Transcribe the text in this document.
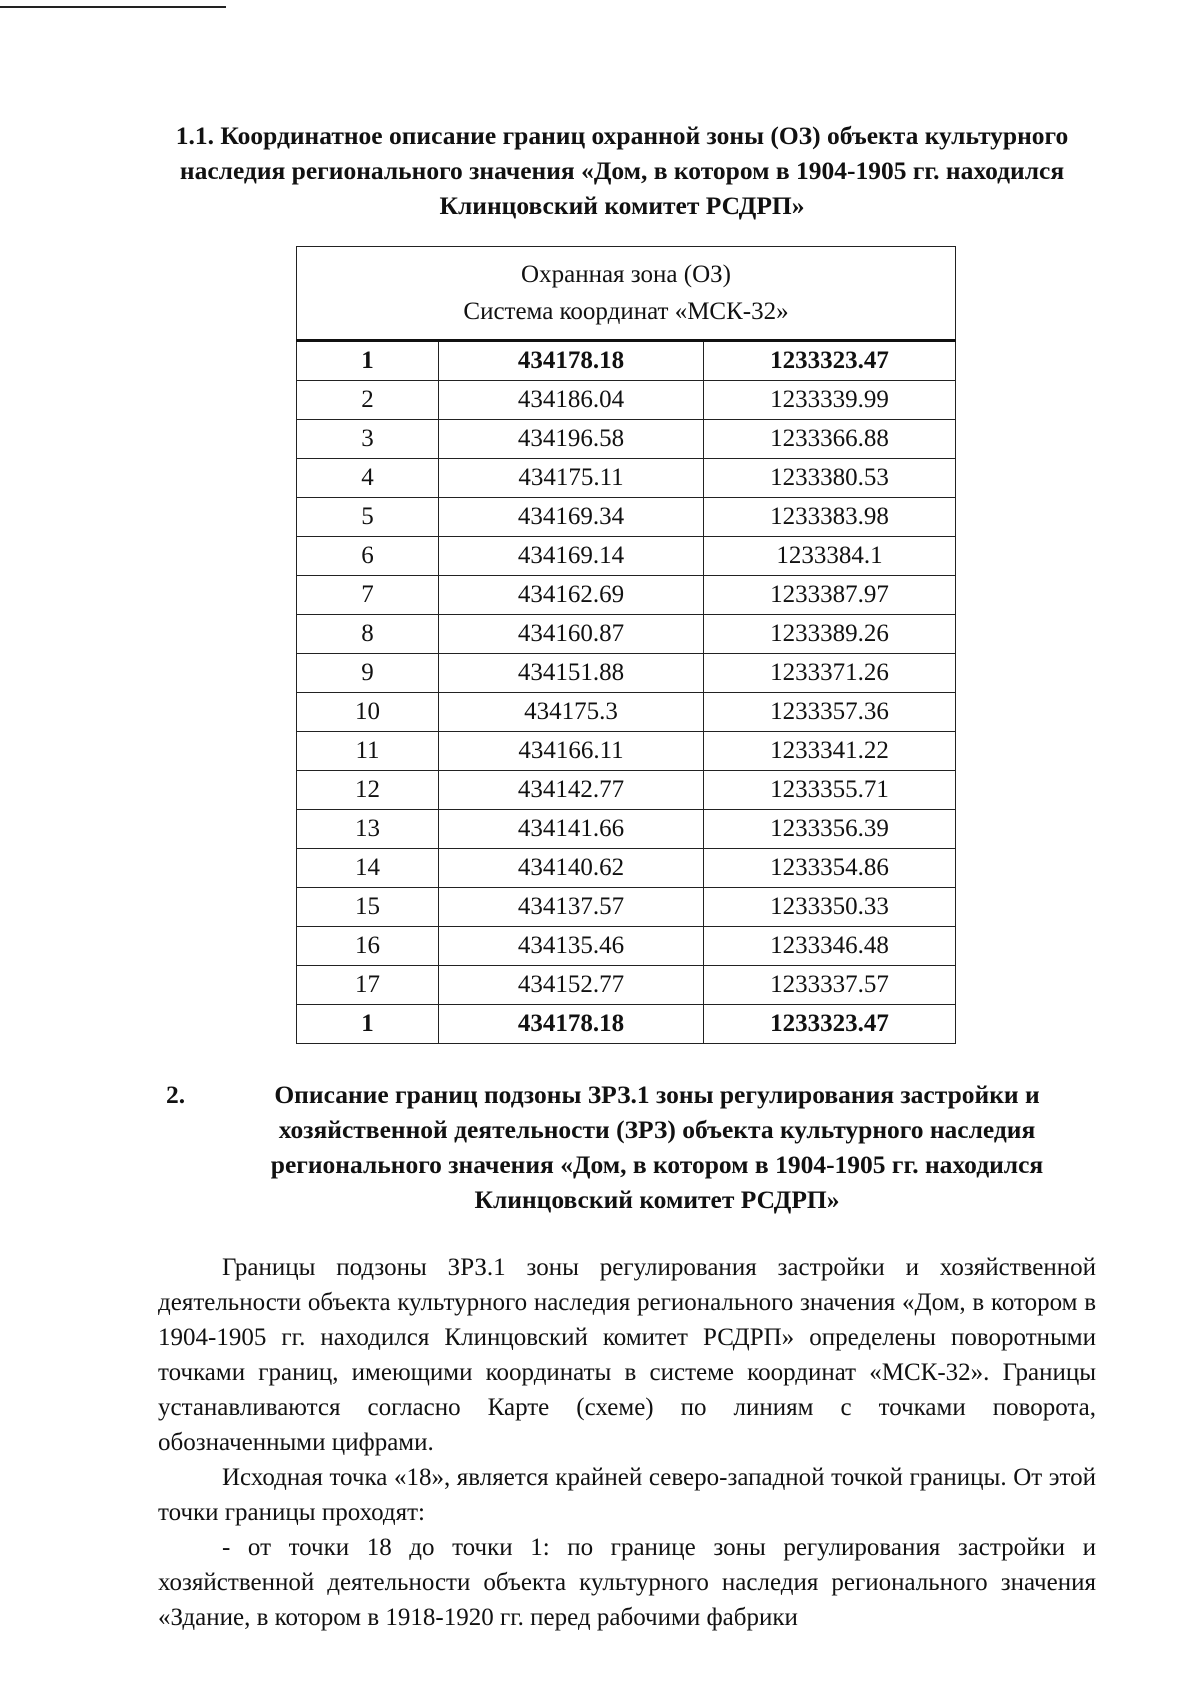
1.1. Координатное описание границ охранной зоны (ОЗ) объекта культурного наследия регионального значения «Дом, в котором в 1904-1905 гг. находился Клинцовский комитет РСДРП»
Охранная зона (ОЗ)
Система координат «МСК-32»		

1	434178.18	1233323.47
2	434186.04	1233339.99
3	434196.58	1233366.88
4	434175.11	1233380.53
5	434169.34	1233383.98
6	434169.14	1233384.1
7	434162.69	1233387.97
8	434160.87	1233389.26
9	434151.88	1233371.26
10	434175.3	1233357.36
11	434166.11	1233341.22
12	434142.77	1233355.71
13	434141.66	1233356.39
14	434140.62	1233354.86
15	434137.57	1233350.33
16	434135.46	1233346.48
17	434152.77	1233337.57
1	434178.18	1233323.47
2.	Описание границ подзоны ЗРЗ.1 зоны регулирования застройки и хозяйственной деятельности (ЗРЗ) объекта культурного наследия регионального значения «Дом, в котором в 1904-1905 гг. находился Клинцовский комитет РСДРП»

Границы подзоны ЗРЗ.1 зоны регулирования застройки и хозяйственной деятельности объекта культурного наследия регионального значения «Дом, в котором в 1904-1905 гг. находился Клинцовский комитет РСДРП» определены поворотными точками границ, имеющими координаты в системе координат «МСК-32». Границы устанавливаются согласно Карте (схеме) по линиям с точками поворота, обозначенными цифрами.

Исходная точка «18», является крайней северо-западной точкой границы. От этой точки границы проходят:

- от точки 18 до точки 1: по границе зоны регулирования застройки и хозяйственной деятельности объекта культурного наследия регионального значения «Здание, в котором в 1918-1920 гг. перед рабочими фабрики
